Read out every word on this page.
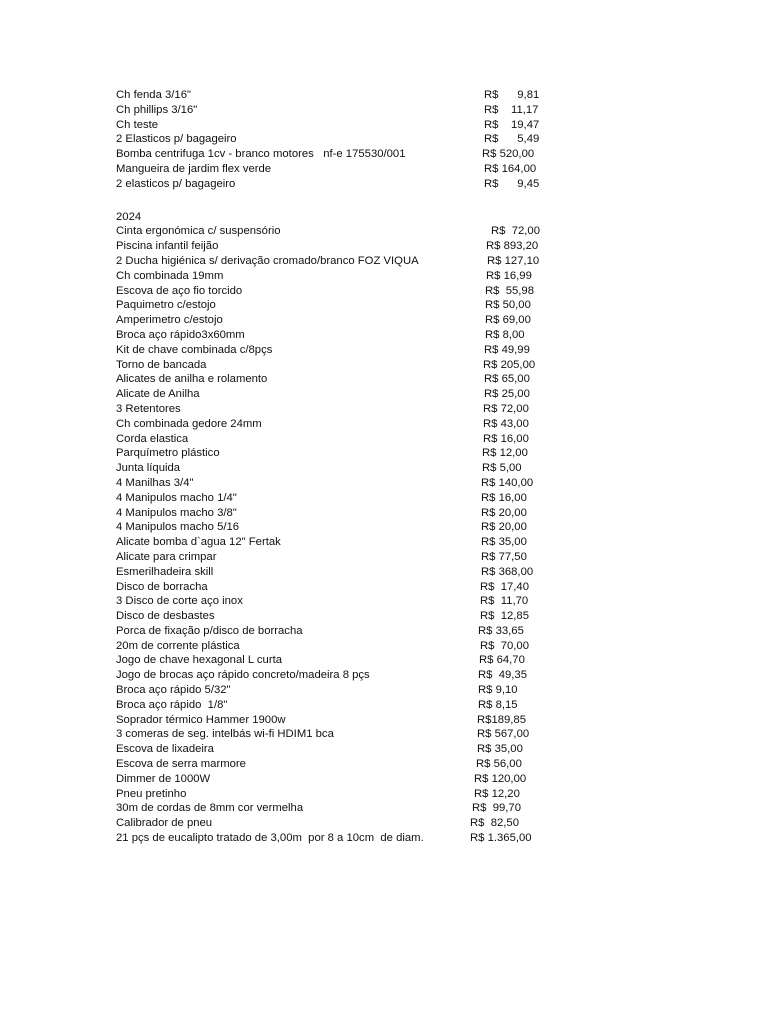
Ch fenda 3/16"	R$      9,81
Ch phillips 3/16"	R$    11,17
Ch teste	R$    19,47
2 Elasticos p/ bagageiro	R$      5,49
Bomba centrifuga 1cv - branco motores   nf-e 175530/001	R$ 520,00
Mangueira de jardim flex verde	R$ 164,00
2 elasticos p/ bagageiro	R$      9,45

2024

Cinta ergonómica c/ suspensório	R$  72,00
Piscina infantil feijão	R$ 893,20
2 Ducha higiénica s/ derivação cromado/branco FOZ VIQUA	R$ 127,10
Ch combinada 19mm	R$ 16,99
Escova de aço fio torcido	R$  55,98
Paquimetro c/estojo	R$ 50,00
Amperimetro c/estojo	R$ 69,00
Broca aço rápido3x60mm	R$ 8,00
Kit de chave combinada c/8pçs	R$ 49,99
Torno de bancada	R$ 205,00
Alicates de anilha e rolamento	R$ 65,00
Alicate de Anilha	R$ 25,00
3 Retentores	R$ 72,00
Ch combinada gedore 24mm	R$ 43,00
Corda elastica	R$ 16,00
Parquímetro plástico	R$ 12,00
Junta líquida	R$ 5,00
4 Manilhas 3/4"	R$ 140,00
4 Manipulos macho 1/4"	R$ 16,00
4 Manipulos macho 3/8"	R$ 20,00
4 Manipulos macho 5/16	R$ 20,00
Alicate bomba d`agua 12" Fertak	R$ 35,00
Alicate para crimpar	R$ 77,50
Esmerilhadeira skill	R$ 368,00
Disco de borracha	R$  17,40
3 Disco de corte aço inox	R$  11,70
Disco de desbastes	R$  12,85
Porca de fixação p/disco de borracha	R$ 33,65
20m de corrente plástica	R$  70,00
Jogo de chave hexagonal L curta	R$ 64,70
Jogo de brocas aço rápido concreto/madeira 8 pçs	R$  49,35
Broca aço rápido 5/32"	R$ 9,10
Broca aço rápido  1/8"	R$ 8,15
Soprador térmico Hammer 1900w	R$189,85
3 comeras de seg. intelbás wi-fi HDIM1 bca	R$ 567,00
Escova de lixadeira	R$ 35,00
Escova de serra marmore	R$ 56,00
Dimmer de 1000W	R$ 120,00
Pneu pretinho	R$ 12,20
30m de cordas de 8mm cor vermelha	R$  99,70
Calibrador de pneu	R$  82,50
21 pçs de eucalipto tratado de 3,00m  por 8 a 10cm  de diam.	R$ 1.365,00
